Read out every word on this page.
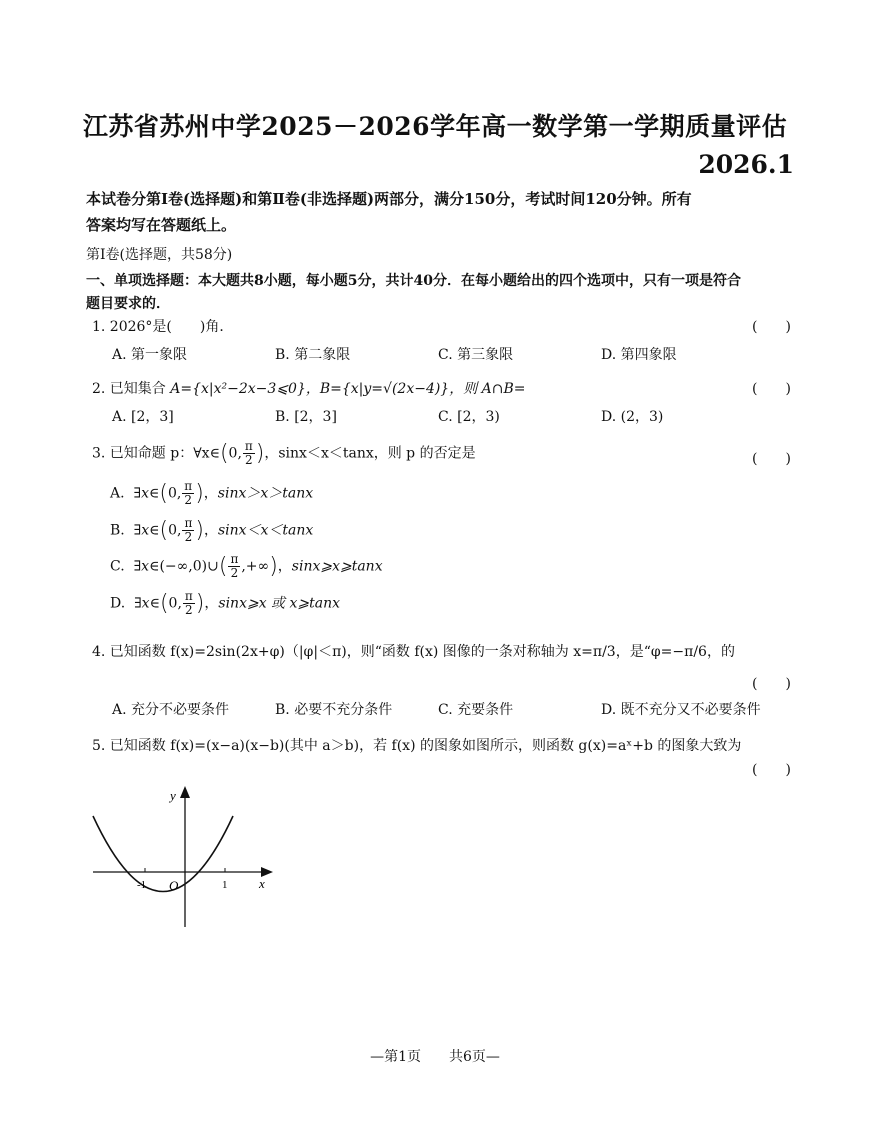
江苏省苏州中学2025－2026学年高一数学第一学期质量评估
2026.1
本试卷分第Ⅰ卷(选择题)和第Ⅱ卷(非选择题)两部分，满分150分，考试时间120分钟。所有
答案均写在答题纸上。
第Ⅰ卷(选择题，共58分)
一、单项选择题：本大题共8小题，每小题5分，共计40分．在每小题给出的四个选项中，只有一项是符合
题目要求的．
1. 2026°是(　　)角．	(　　)
A. 第一象限	B. 第二象限	C. 第三象限	D. 第四象限
2. 已知集合 A={x|x²−2x−3⩽0}，B={x|y=√(2x−4)}，则 A∩B=	(　　)
A. [2，3]	B. [2，3]	C. [2，3)	D. (2，3)
3. 已知命题 p：∀x∈(0, $\frac{\pi}{2}$ )，sinx＜x＜tanx，则 p 的否定是	(　　)
A.  ∃x∈(0, $\frac{\pi}{2}$ )，sinx＞x＞tanx
B.  ∃x∈(0, $\frac{\pi}{2}$ )，sinx＜x＜tanx
C.  ∃x∈(−∞,0)∪( $\frac{\pi}{2}$ ,+∞)，sinx⩾x⩾tanx
D.  ∃x∈(0, $\frac{\pi}{2}$ )，sinx⩾x 或 x⩾tanx
4. 已知函数 f(x)=2sin(2x+φ)（|φ|＜π)，则“函数 f(x) 图像的一条对称轴为 x=π/3，是“φ=−π/6，的
(　　)
A. 充分不必要条件	B. 必要不充分条件	C. 充要条件	D. 既不充分又不必要条件
5. 已知函数 f(x)=(x−a)(x−b)(其中 a＞b)，若 f(x) 的图象如图所示，则函数 g(x)=aˣ+b 的图象大致为
(　　)
y
x
O
-1	1
—第1页　　共6页—
